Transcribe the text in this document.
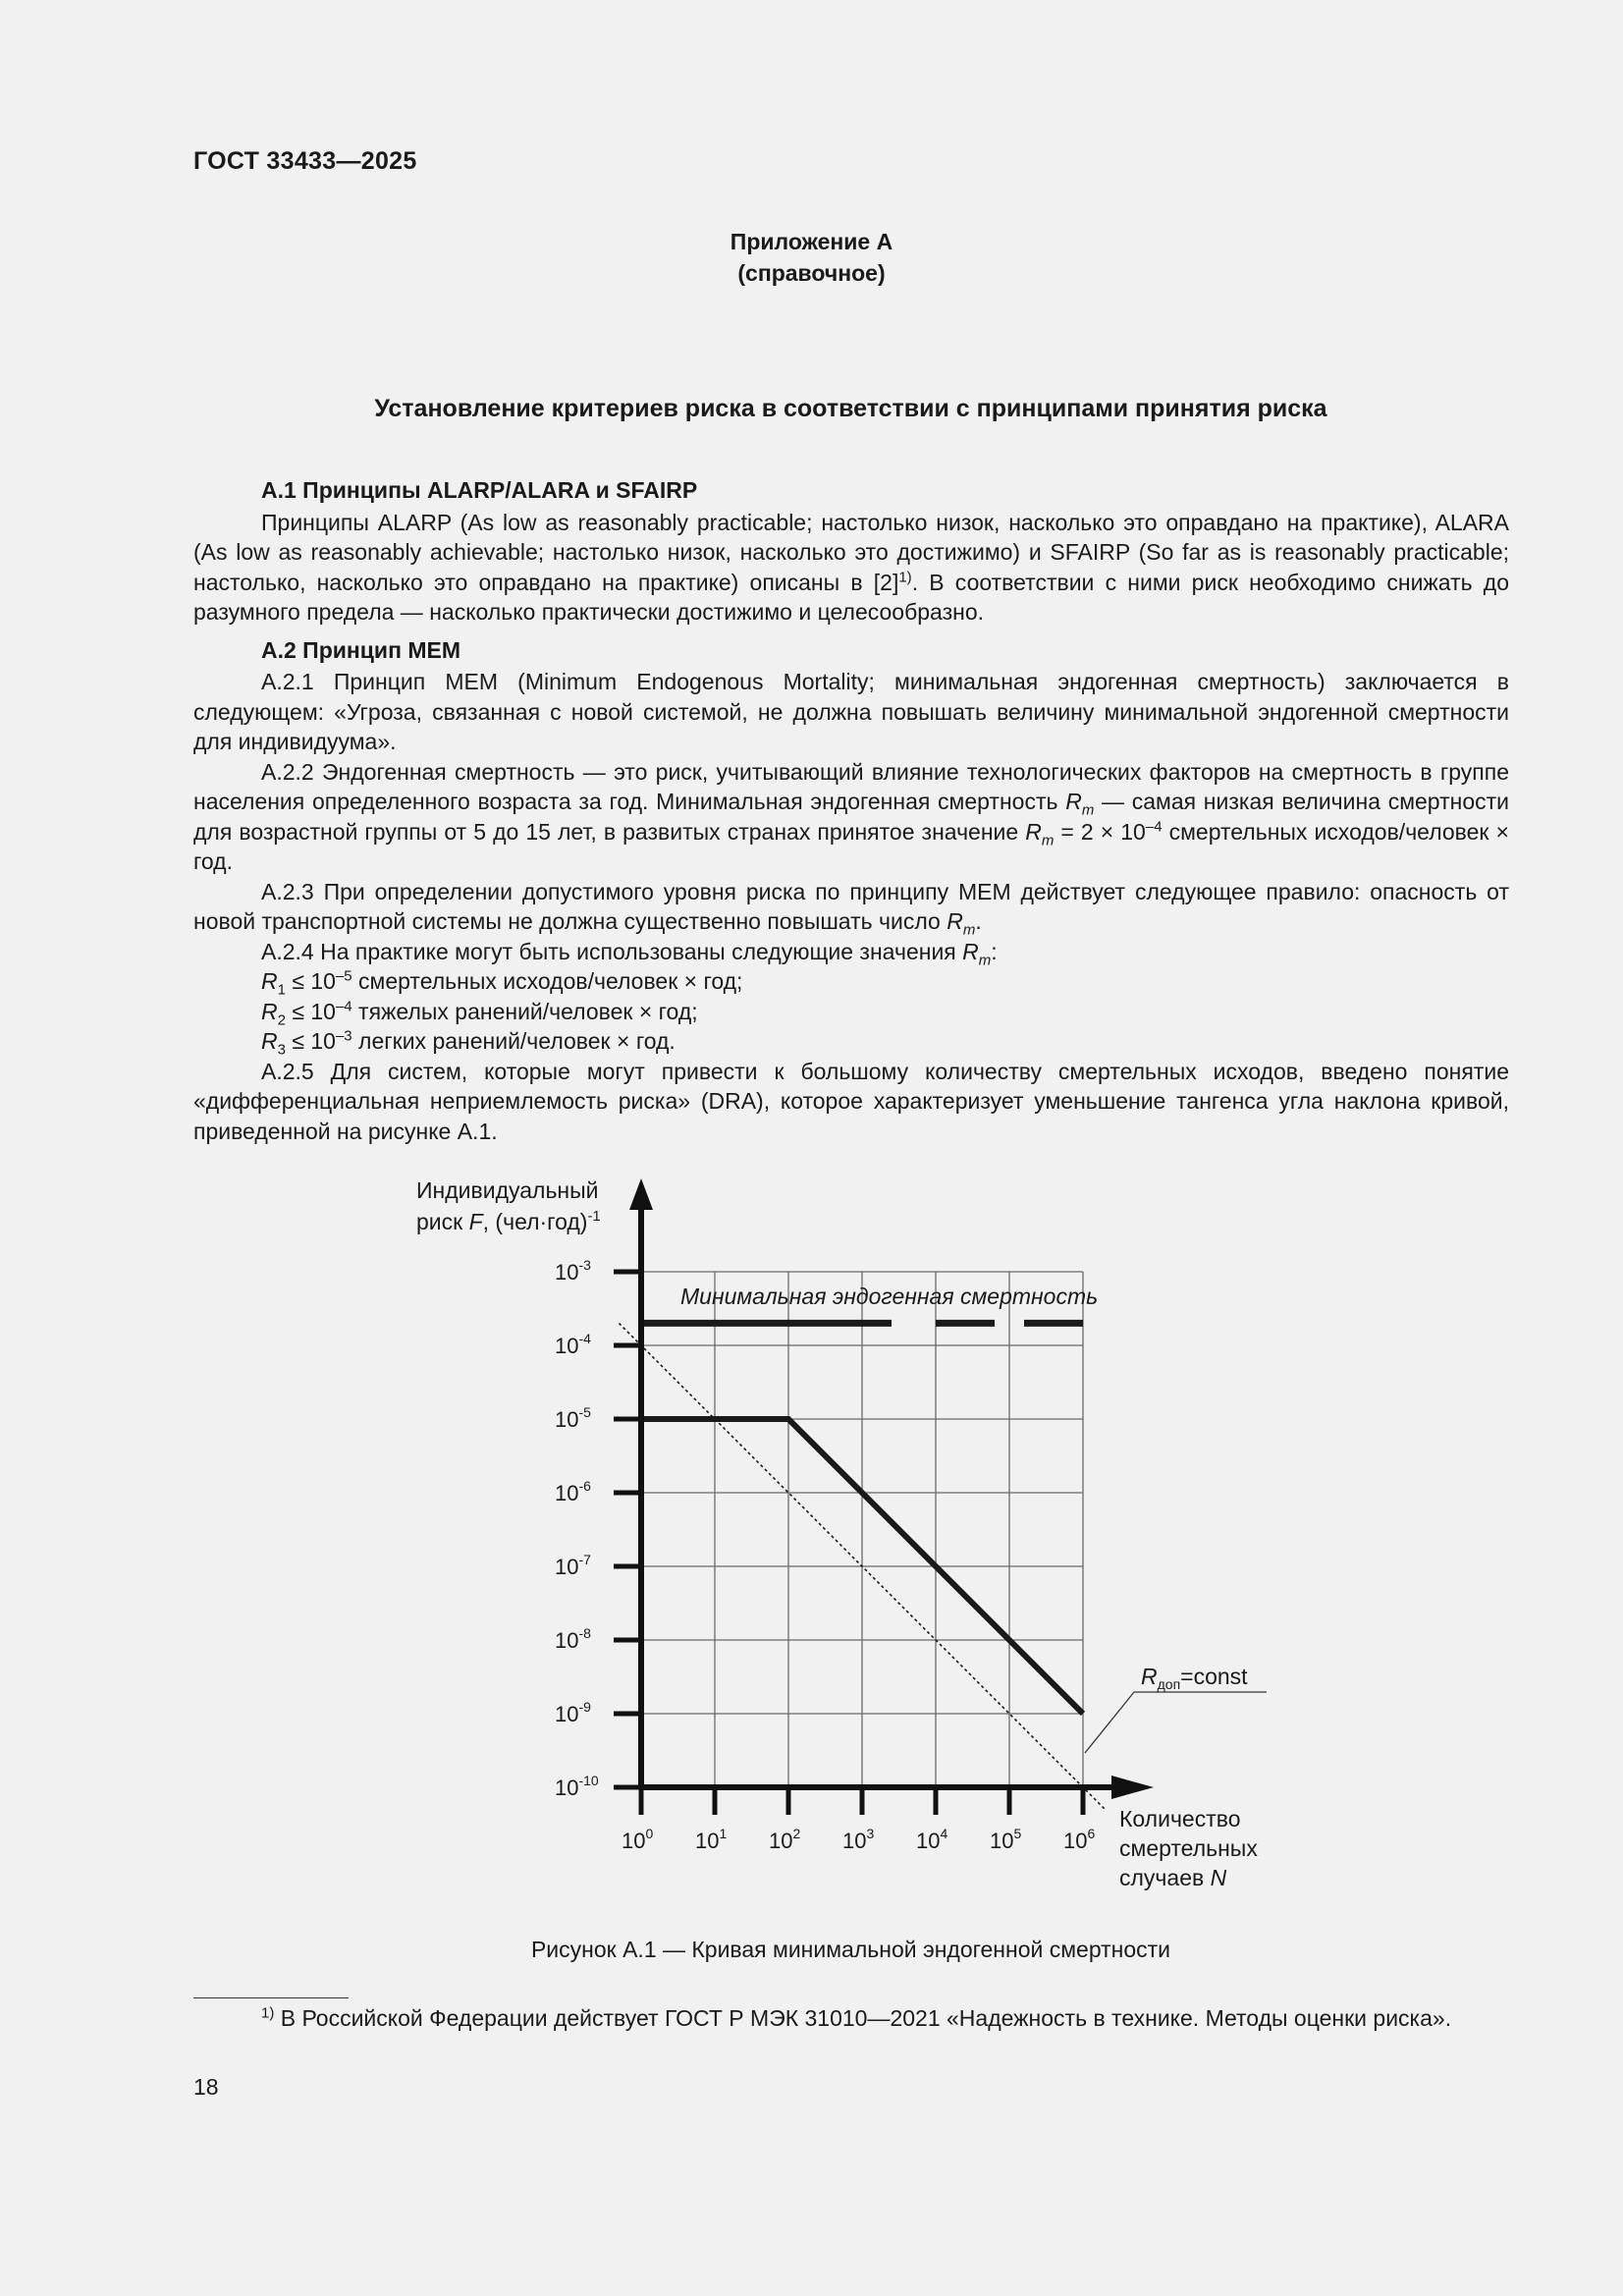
ГОСТ 33433—2025
Приложение А
(справочное)
Установление критериев риска в соответствии с принципами принятия риска
А.1 Принципы ALARP/ALARA и SFAIRP

Принципы ALARP (As low as reasonably practicable; настолько низок, насколько это оправдано на практике), ALARA (As low as reasonably achievable; настолько низок, насколько это достижимо) и SFAIRP (So far as is reasonably practicable; настолько, насколько это оправдано на практике) описаны в $[2]^{1)}$. В соответствии с ними риск необходимо снижать до разумного предела — насколько практически достижимо и целесообразно.

А.2 Принцип МЕМ

А.2.1 Принцип МЕМ (Minimum Endogenous Mortality; минимальная эндогенная смертность) заключается в следующем: «Угроза, связанная с новой системой, не должна повышать величину минимальной эндогенной смертности для индивидуума».

А.2.2 Эндогенная смертность — это риск, учитывающий влияние технологических факторов на смертность в группе населения определенного возраста за год. Минимальная эндогенная смертность $R_m$ — самая низкая величина смертности для возрастной группы от 5 до 15 лет, в развитых странах принятое значение $R_m = 2 \times 10^{-4}$ смертельных исходов/человек × год.

А.2.3 При определении допустимого уровня риска по принципу МЕМ действует следующее правило: опасность от новой транспортной системы не должна существенно повышать число $R_m$.

А.2.4 На практике могут быть использованы следующие значения $R_m$:

$R_1 \le 10^{-5}$ смертельных исходов/человек × год;
$R_2 \le 10^{-4}$ тяжелых ранений/человек × год;
$R_3 \le 10^{-3}$ легких ранений/человек × год.

А.2.5 Для систем, которые могут привести к большому количеству смертельных исходов, введено понятие «дифференциальная неприемлемость риска» (DRA), которое характеризует уменьшение тангенса угла наклона кривой, приведенной на рисунке А.1.

$10^{-10}$
$10^{-9}$
$10^{-8}$
$10^{-7}$
$10^{-6}$
$10^{-5}$
$10^{-4}$
$10^{-3}$
$10^0$ $10^1$ $10^2$ $10^3$ $10^4$ $10^5$ $10^6$
Индивидуальный
риск F, $(чел\cdot год)^{-1}$
Минимальная эндогенная смертность
$R_{доп}=const$
Количество
смертельных
случаев N
Рисунок А.1 — Кривая минимальной эндогенной смертности

$^{1)}$ В Российской Федерации действует ГОСТ Р МЭК 31010—2021 «Надежность в технике. Методы оценки риска».

18
